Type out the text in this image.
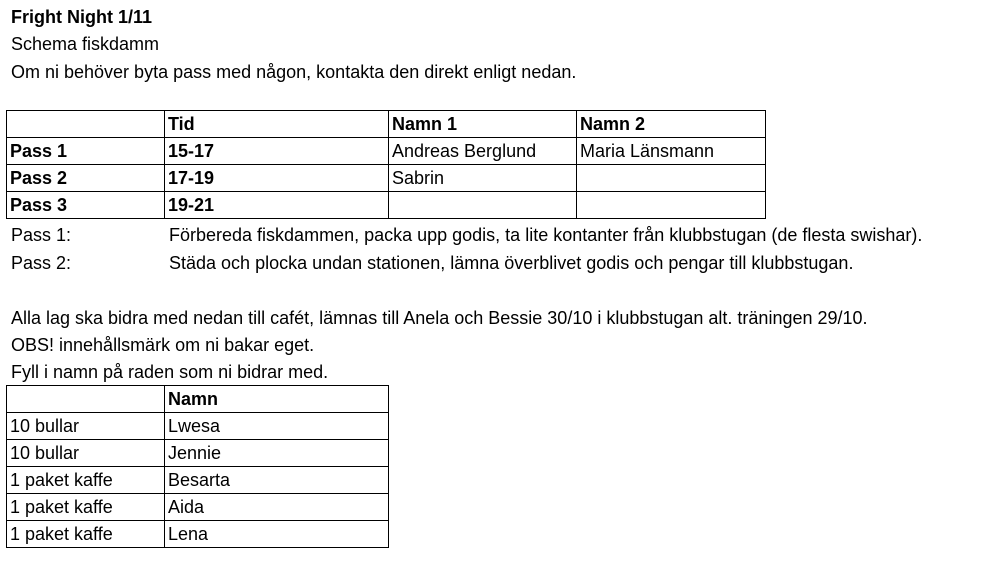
Fright Night 1/11
Schema fiskdamm
Om ni behöver byta pass med någon, kontakta den direkt enligt nedan.
	Tid	Namn 1	Namn 2
Pass 1	15-17	Andreas Berglund	Maria Länsmann
Pass 2	17-19	Sabrin	
Pass 3	19-21		
Pass 1:	Förbereda fiskdammen, packa upp godis, ta lite kontanter från klubbstugan (de flesta swishar).
Pass 2:	Städa och plocka undan stationen, lämna överblivet godis och pengar till klubbstugan.
Alla lag ska bidra med nedan till cafét, lämnas till Anela och Bessie 30/10 i klubbstugan alt. träningen 29/10.
OBS! innehållsmärk om ni bakar eget.
Fyll i namn på raden som ni bidrar med.
	Namn
10 bullar	Lwesa
10 bullar	Jennie
1 paket kaffe	Besarta
1 paket kaffe	Aida
1 paket kaffe	Lena
